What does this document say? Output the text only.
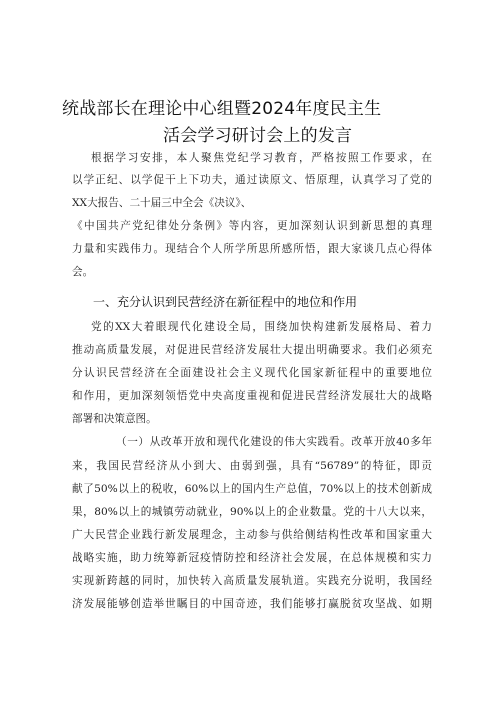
统战部长在理论中心组暨2024年度民主生
活会学习研讨会上的发言
根据学习安排，本人聚焦党纪学习教育，严格按照工作要求，在
以学正纪、以学促干上下功夫，通过读原文、悟原理，认真学习了党的
XX大报告、二十届三中全会《决议》、
《中国共产党纪律处分条例》等内容，更加深刻认识到新思想的真理
力量和实践伟力。现结合个人所学所思所感所悟，跟大家谈几点心得体
会。
一、充分认识到民营经济在新征程中的地位和作用
党的XX大着眼现代化建设全局，围绕加快构建新发展格局、着力
推动高质量发展，对促进民营经济发展壮大提出明确要求。我们必须充
分认识民营经济在全面建设社会主义现代化国家新征程中的重要地位
和作用，更加深刻领悟党中央高度重视和促进民营经济发展壮大的战略
部署和决策意图。
（一）从改革开放和现代化建设的伟大实践看。改革开放40多年
来，我国民营经济从小到大、由弱到强，具有“56789”的特征，即贡
献了50%以上的税收，60%以上的国内生产总值，70%以上的技术创新成
果，80%以上的城镇劳动就业，90%以上的企业数量。党的十八大以来，
广大民营企业践行新发展理念，主动参与供给侧结构性改革和国家重大
战略实施，助力统筹新冠疫情防控和经济社会发展，在总体规模和实力
实现新跨越的同时，加快转入高质量发展轨道。实践充分说明，我国经
济发展能够创造举世瞩目的中国奇迹，我们能够打赢脱贫攻坚战、如期
